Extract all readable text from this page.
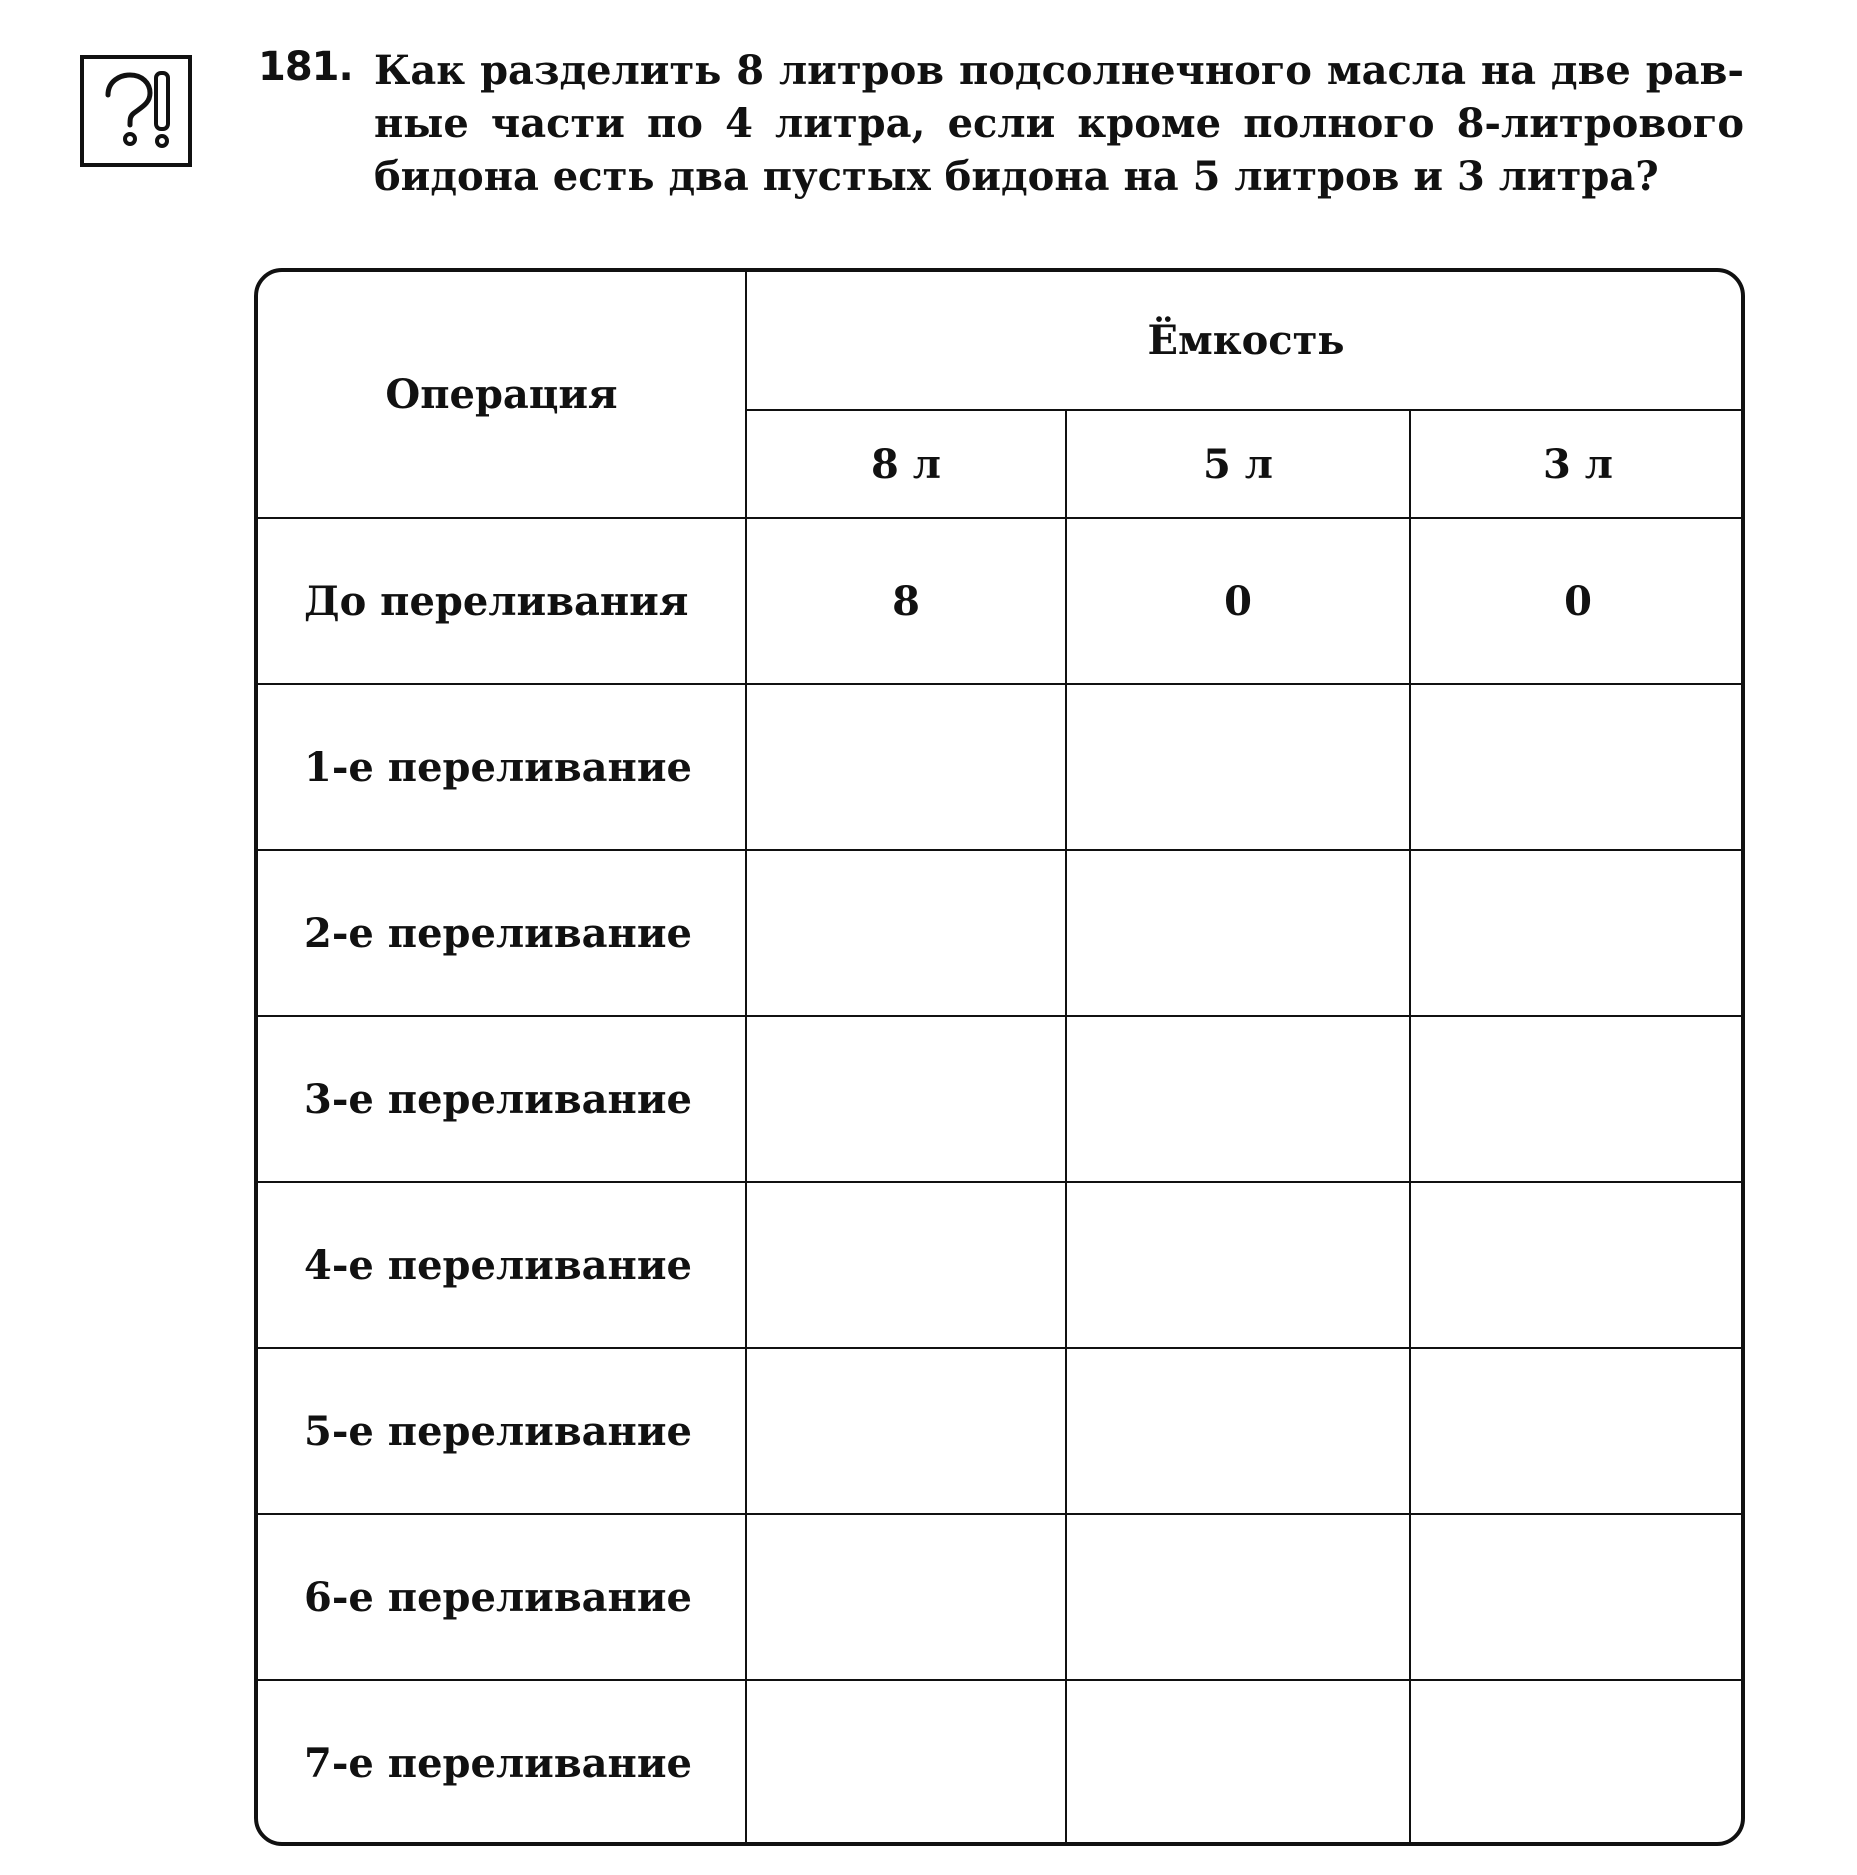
181. Как разделить 8 литров подсолнечного масла на две рав-
ные части по 4 литра, если кроме полного 8-литрового
бидона есть два пустых бидона на 5 литров и 3 литра?
Операция	Ёмкость		
	8 л	5 л	3 л
До переливания	8	0	0
1-е переливание			
2-е переливание			
3-е переливание			
4-е переливание			
5-е переливание			
6-е переливание			
7-е переливание			
